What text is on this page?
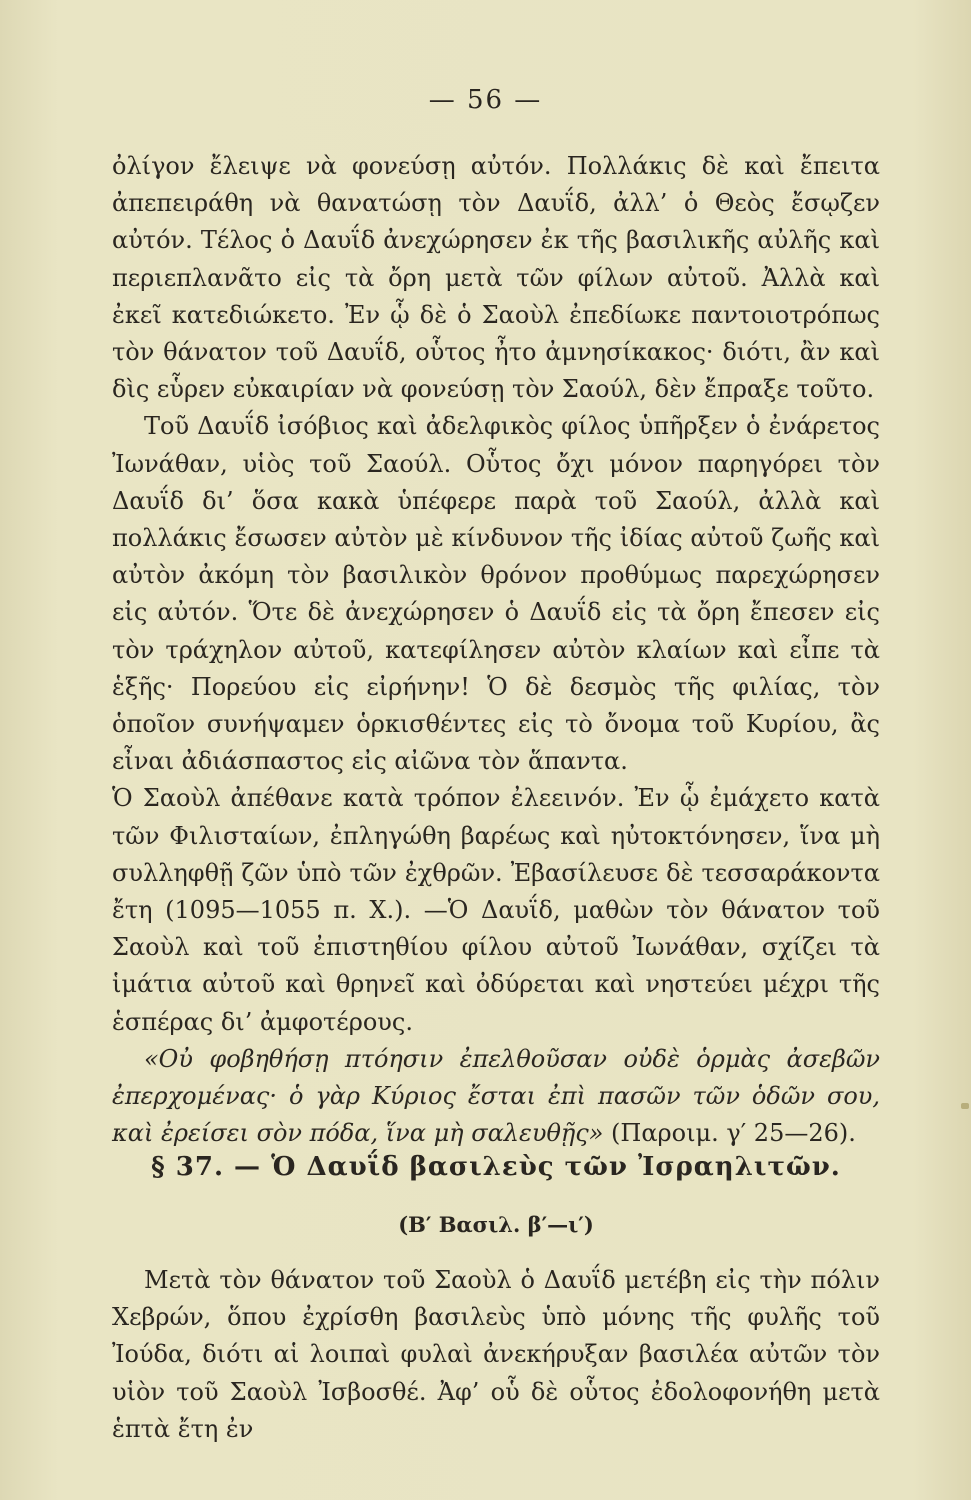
— 56 —

ὀλίγον ἔλειψε νὰ φονεύσῃ αὐτόν. Πολλάκις δὲ καὶ ἔπειτα ἀπεπειράθη νὰ θανατώσῃ τὸν Δαυΐδ, ἀλλ’ ὁ Θεὸς ἔσῳζεν αὐτόν. Τέλος ὁ Δαυΐδ ἀνεχώρησεν ἐκ τῆς βασιλικῆς αὐλῆς καὶ περιεπλανᾶτο εἰς τὰ ὄρη μετὰ τῶν φίλων αὐτοῦ. Ἀλλὰ καὶ ἐκεῖ κατεδιώκετο. Ἐν ᾧ δὲ ὁ Σαοὺλ ἐπεδίωκε παντοιοτρόπως τὸν θάνατον τοῦ Δαυΐδ, οὗτος ἦτο ἀμνησίκακος· διότι, ἂν καὶ δὶς εὗρεν εὐκαιρίαν νὰ φονεύσῃ τὸν Σαούλ, δὲν ἔπραξε τοῦτο.

Τοῦ Δαυΐδ ἰσόβιος καὶ ἀδελφικὸς φίλος ὑπῆρξεν ὁ ἐνάρετος Ἰωνάθαν, υἱὸς τοῦ Σαούλ. Οὗτος ὄχι μόνον παρηγόρει τὸν Δαυΐδ δι’ ὅσα κακὰ ὑπέφερε παρὰ τοῦ Σαούλ, ἀλλὰ καὶ πολλάκις ἔσωσεν αὐτὸν μὲ κίνδυνον τῆς ἰδίας αὐτοῦ ζωῆς καὶ αὐτὸν ἀκόμη τὸν βασιλικὸν θρόνον προθύμως παρεχώρησεν εἰς αὐτόν. Ὅτε δὲ ἀνεχώρησεν ὁ Δαυΐδ εἰς τὰ ὄρη ἔπεσεν εἰς τὸν τράχηλον αὐτοῦ, κατεφίλησεν αὐτὸν κλαίων καὶ εἶπε τὰ ἑξῆς· Πορεύου εἰς εἰρήνην! Ὁ δὲ δεσμὸς τῆς φιλίας, τὸν ὁποῖον συνήψαμεν ὁρκισθέντες εἰς τὸ ὄνομα τοῦ Κυρίου, ἂς εἶναι ἀδιάσπαστος εἰς αἰῶνα τὸν ἅπαντα.

Ὁ Σαοὺλ ἀπέθανε κατὰ τρόπον ἐλεεινόν. Ἐν ᾧ ἐμάχετο κατὰ τῶν Φιλισταίων, ἐπληγώθη βαρέως καὶ ηὐτοκτόνησεν, ἵνα μὴ συλληφθῇ ζῶν ὑπὸ τῶν ἐχθρῶν. Ἐβασίλευσε δὲ τεσσαράκοντα ἔτη (1095—1055 π. Χ.). —Ὁ Δαυΐδ, μαθὼν τὸν θάνατον τοῦ Σαοὺλ καὶ τοῦ ἐπιστηθίου φίλου αὐτοῦ Ἰωνάθαν, σχίζει τὰ ἱμάτια αὐτοῦ καὶ θρηνεῖ καὶ ὀδύρεται καὶ νηστεύει μέχρι τῆς ἑσπέρας δι’ ἀμφοτέρους.

«Οὐ φοβηθήσῃ πτόησιν ἐπελθοῦσαν οὐδὲ ὁρμὰς ἀσεβῶν ἐπερχομένας· ὁ γὰρ Κύριος ἔσται ἐπὶ πασῶν τῶν ὁδῶν σου, καὶ ἐρείσει σὸν πόδα, ἵνα μὴ σαλευθῇς» (Παροιμ. γ′ 25—26).

§ 37. — Ὁ Δαυΐδ βασιλεὺς τῶν Ἰσραηλιτῶν.
(Β′ Βασιλ. β′—ι′)

Μετὰ τὸν θάνατον τοῦ Σαοὺλ ὁ Δαυΐδ μετέβη εἰς τὴν πόλιν Χεβρών, ὅπου ἐχρίσθη βασιλεὺς ὑπὸ μόνης τῆς φυλῆς τοῦ Ἰούδα, διότι αἱ λοιπαὶ φυλαὶ ἀνεκήρυξαν βασιλέα αὐτῶν τὸν υἱὸν τοῦ Σαοὺλ Ἰσβοσθέ. Ἀφ’ οὗ δὲ οὗτος ἐδολοφονήθη μετὰ ἑπτὰ ἔτη ἐν
